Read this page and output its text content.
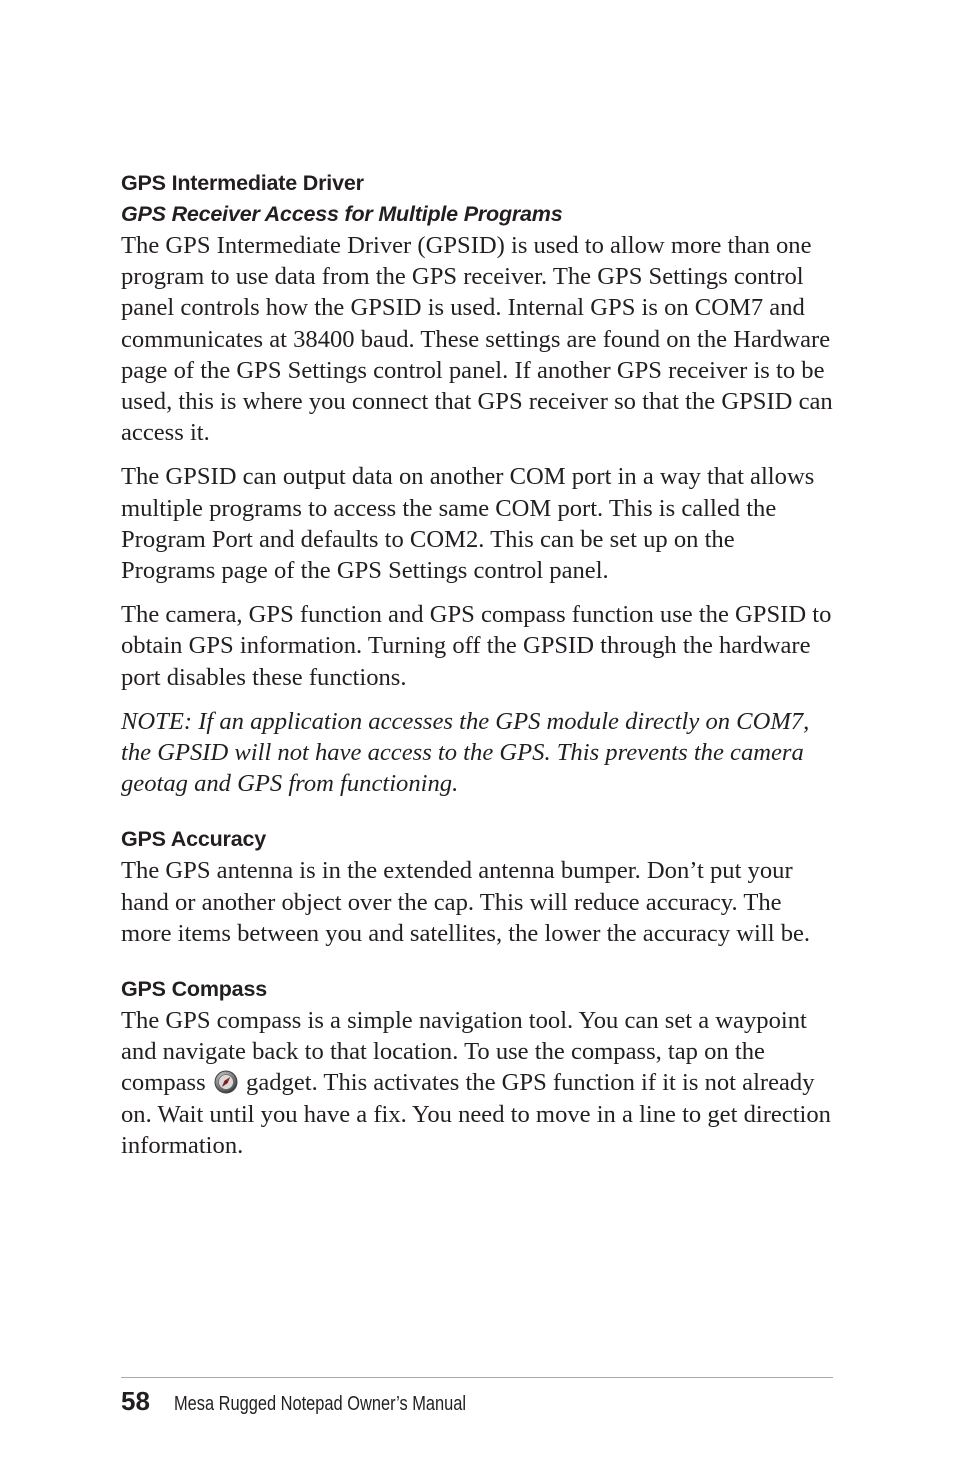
GPS Intermediate Driver

GPS Receiver Access for Multiple Programs

The GPS Intermediate Driver (GPSID) is used to allow more than one program to use data from the GPS receiver. The GPS Settings control panel controls how the GPSID is used. Internal GPS is on COM7 and communicates at 38400 baud. These settings are found on the Hardware page of the GPS Settings control panel. If another GPS receiver is to be used, this is where you connect that GPS receiver so that the GPSID can access it.

The GPSID can output data on another COM port in a way that allows multiple programs to access the same COM port. This is called the Program Port and defaults to COM2. This can be set up on the Programs page of the GPS Settings control panel.

The camera, GPS function and GPS compass function use the GPSID to obtain GPS information. Turning off the GPSID through the hardware port disables these functions.

NOTE: If an application accesses the GPS module directly on COM7, the GPSID will not have access to the GPS. This prevents the camera geotag and GPS from functioning.

GPS Accuracy

The GPS antenna is in the extended antenna bumper. Don’t put your hand or another object over the cap. This will reduce accuracy. The more items between you and satellites, the lower the accuracy will be.

GPS Compass

The GPS compass is a simple navigation tool. You can set a waypoint and navigate back to that location. To use the compass, tap on the compass gadget. This activates the GPS function if it is not already on. Wait until you have a fix. You need to move in a line to get direction information.

58 Mesa Rugged Notepad Owner’s Manual
